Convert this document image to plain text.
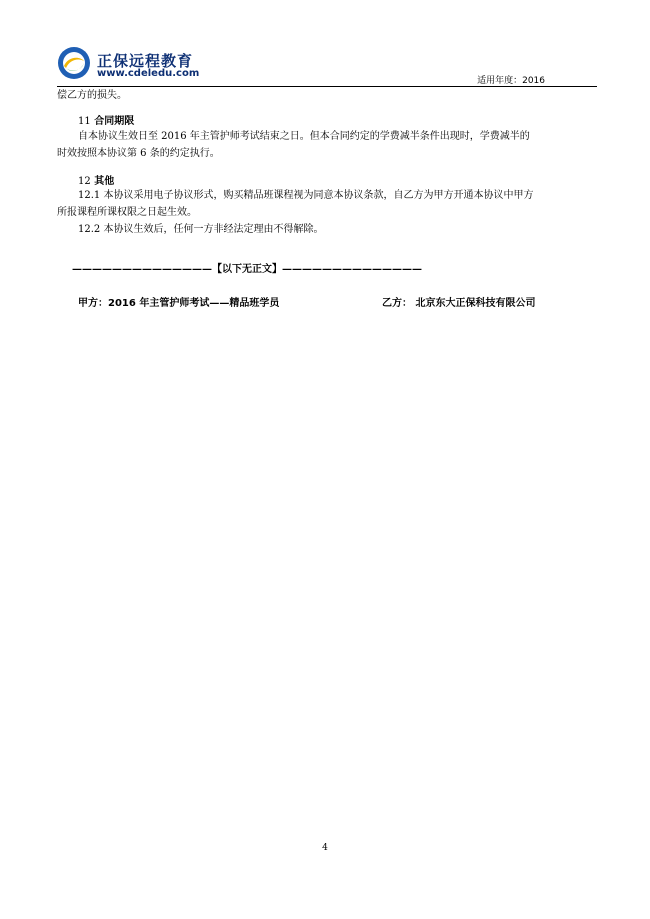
正保远程教育
www.cdeledu.com
适用年度：2016
偿乙方的损失。
11 合同期限
自本协议生效日至 2016 年主管护师考试结束之日。但本合同约定的学费减半条件出现时，学费减半的
时效按照本协议第 6 条的约定执行。
12 其他
12.1 本协议采用电子协议形式，购买精品班课程视为同意本协议条款，自乙方为甲方开通本协议中甲方
所报课程所课权限之日起生效。
12.2 本协议生效后，任何一方非经法定理由不得解除。
——————————————【以下无正文】——————————————
甲方：2016 年主管护师考试——精品班学员	乙方： 北京东大正保科技有限公司
4
